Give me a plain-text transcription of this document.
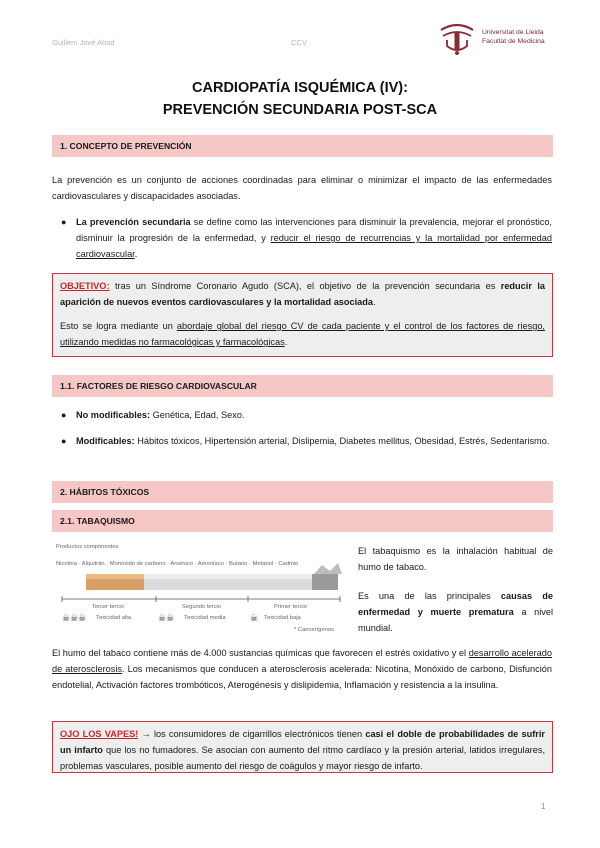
Guillem Jové Abad	CCV
Universitat de Lleida
Facultat de Medicina
CARDIOPATÍA ISQUÉMICA (IV):
PREVENCIÓN SECUNDARIA POST-SCA
1. CONCEPTO DE PREVENCIÓN
La prevención es un conjunto de acciones coordinadas para eliminar o minimizar el impacto de las enfermedades cardiovasculares y discapacidades asociadas.
● La prevención secundaria se define como las intervenciones para disminuir la prevalencia, mejorar el pronóstico, disminuir la progresión de la enfermedad, y reducir el riesgo de recurrencias y la mortalidad por enfermedad cardiovascular.
OBJETIVO: tras un Síndrome Coronario Agudo (SCA), el objetivo de la prevención secundaria es reducir la aparición de nuevos eventos cardiovasculares y la mortalidad asociada.
Esto se logra mediante un abordaje global del riesgo CV de cada paciente y el control de los factores de riesgo, utilizando medidas no farmacológicas y farmacológicas.
1.1. FACTORES DE RIESGO CARDIOVASCULAR
● No modificables: Genética, Edad, Sexo.
● Modificables: Hábitos tóxicos, Hipertensión arterial, Dislipemia, Diabetes mellitus, Obesidad, Estrés, Sedentarismo.
2. HÁBITOS TÓXICOS
2.1. TABAQUISMO
Productos componentes
Nicotina · Alquitrán · Monóxido de carbono · Arsénico · Amoníaco · Butano · Metanol · Cadmio
Tercer tercio	Segundo tercio	Primer tercio
☠☠☠ Toxicidad alta	☠☠ Toxicidad media	☠ Toxicidad baja
* Cancerígenos
El tabaquismo es la inhalación habitual de humo de tabaco.
Es una de las principales causas de enfermedad y muerte prematura a nivel mundial.
El humo del tabaco contiene más de 4.000 sustancias químicas que favorecen el estrés oxidativo y el desarrollo acelerado de aterosclerosis. Los mecanismos que conducen a aterosclerosis acelerada: Nicotina, Monóxido de carbono, Disfunción endotelial, Activación factores trombóticos, Aterogénesis y dislipidemia, Inflamación y resistencia a la insulina.
OJO LOS VAPES! → los consumidores de cigarrillos electrónicos tienen casi el doble de probabilidades de sufrir un infarto que los no fumadores. Se asocian con aumento del ritmo cardíaco y la presión arterial, latidos irregulares, problemas vasculares, posible aumento del riesgo de coágulos y mayor riesgo de infarto.
1
